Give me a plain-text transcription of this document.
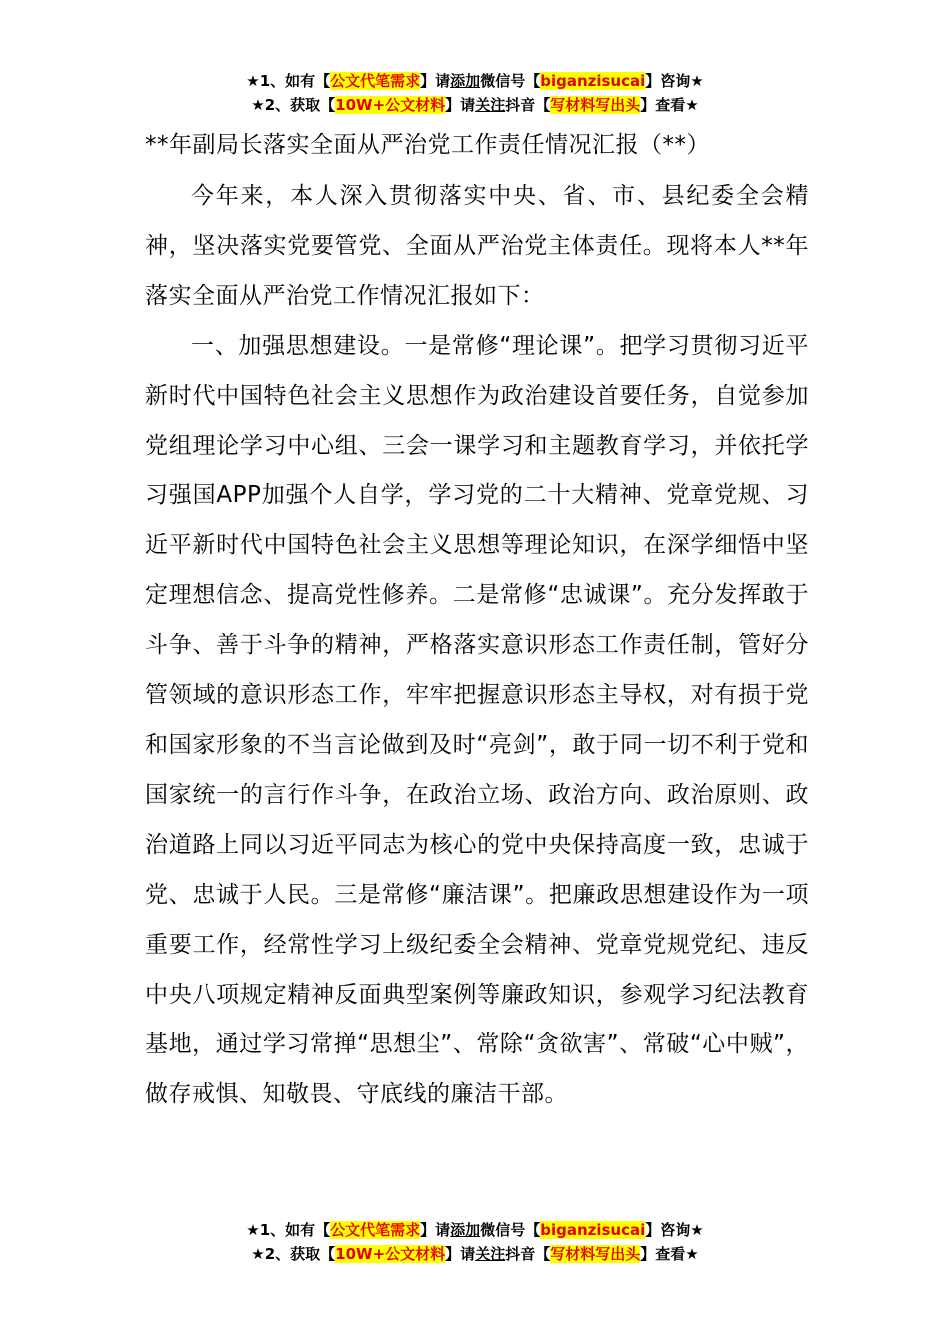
★1、如有【公文代笔需求】请添加微信号【biganzisucai】咨询★
★2、获取【10W+公文材料】请关注抖音【写材料写出头】查看★
**年副局长落实全面从严治党工作责任情况汇报（**）

今年来，本人深入贯彻落实中央、省、市、县纪委全会精神，坚决落实党要管党、全面从严治党主体责任。现将本人**年落实全面从严治党工作情况汇报如下：

一、加强思想建设。一是常修“理论课”。把学习贯彻习近平新时代中国特色社会主义思想作为政治建设首要任务，自觉参加党组理论学习中心组、三会一课学习和主题教育学习，并依托学习强国APP加强个人自学，学习党的二十大精神、党章党规、习近平新时代中国特色社会主义思想等理论知识，在深学细悟中坚定理想信念、提高党性修养。二是常修“忠诚课”。充分发挥敢于斗争、善于斗争的精神，严格落实意识形态工作责任制，管好分管领域的意识形态工作，牢牢把握意识形态主导权，对有损于党和国家形象的不当言论做到及时“亮剑”，敢于同一切不利于党和国家统一的言行作斗争，在政治立场、政治方向、政治原则、政治道路上同以习近平同志为核心的党中央保持高度一致，忠诚于党、忠诚于人民。三是常修“廉洁课”。把廉政思想建设作为一项重要工作，经常性学习上级纪委全会精神、党章党规党纪、违反中央八项规定精神反面典型案例等廉政知识，参观学习纪法教育基地，通过学习常掸“思想尘”、常除“贪欲害”、常破“心中贼”，做存戒惧、知敬畏、守底线的廉洁干部。

★1、如有【公文代笔需求】请添加微信号【biganzisucai】咨询★
★2、获取【10W+公文材料】请关注抖音【写材料写出头】查看★
